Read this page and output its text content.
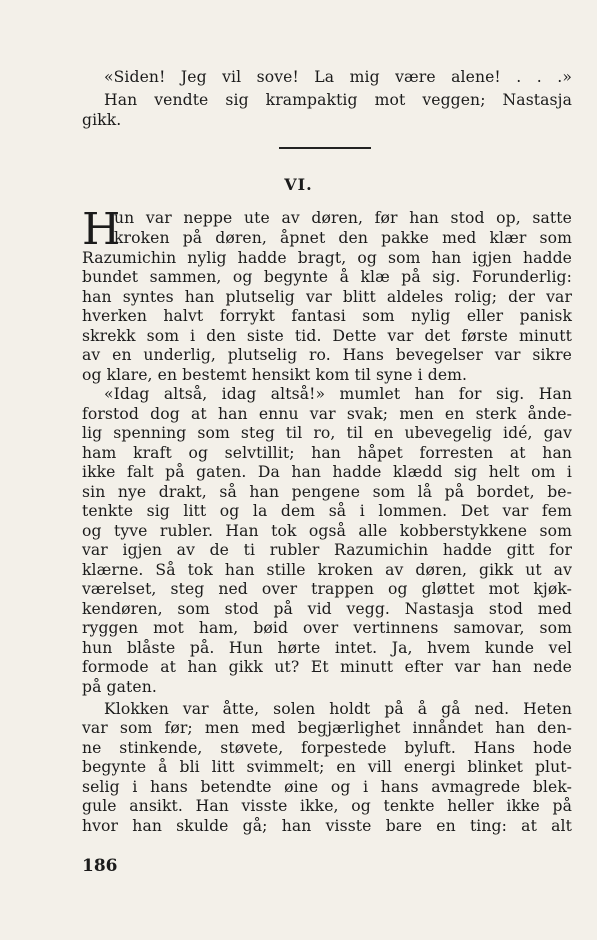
«Siden! Jeg vil sove! La mig være alene! . . .»
Han vendte sig krampaktig mot veggen; Nastasja
gikk.
VI.
H
un var neppe ute av døren, før han stod op, satte
kroken på døren, åpnet den pakke med klær som
Razumichin nylig hadde bragt, og som han igjen hadde
bundet sammen, og begynte å klæ på sig. Forunderlig:
han syntes han plutselig var blitt aldeles rolig; der var
hverken halvt forrykt fantasi som nylig eller panisk
skrekk som i den siste tid. Dette var det første minutt
av en underlig, plutselig ro. Hans bevegelser var sikre
og klare, en bestemt hensikt kom til syne i dem.
«Idag altså, idag altså!» mumlet han for sig. Han
forstod dog at han ennu var svak; men en sterk ånde-
lig spenning som steg til ro, til en ubevegelig idé, gav
ham kraft og selvtillit; han håpet forresten at han
ikke falt på gaten. Da han hadde klædd sig helt om i
sin nye drakt, så han pengene som lå på bordet, be-
tenkte sig litt og la dem så i lommen. Det var fem
og tyve rubler. Han tok også alle kobberstykkene som
var igjen av de ti rubler Razumichin hadde gitt for
klærne. Så tok han stille kroken av døren, gikk ut av
værelset, steg ned over trappen og gløttet mot kjøk-
kendøren, som stod på vid vegg. Nastasja stod med
ryggen mot ham, bøid over vertinnens samovar, som
hun blåste på. Hun hørte intet. Ja, hvem kunde vel
formode at han gikk ut? Et minutt efter var han nede
på gaten.
Klokken var åtte, solen holdt på å gå ned. Heten
var som før; men med begjærlighet innåndet han den-
ne stinkende, støvete, forpestede byluft. Hans hode
begynte å bli litt svimmelt; en vill energi blinket plut-
selig i hans betendte øine og i hans avmagrede blek-
gule ansikt. Han visste ikke, og tenkte heller ikke på
hvor han skulde gå; han visste bare en ting: at alt
186
